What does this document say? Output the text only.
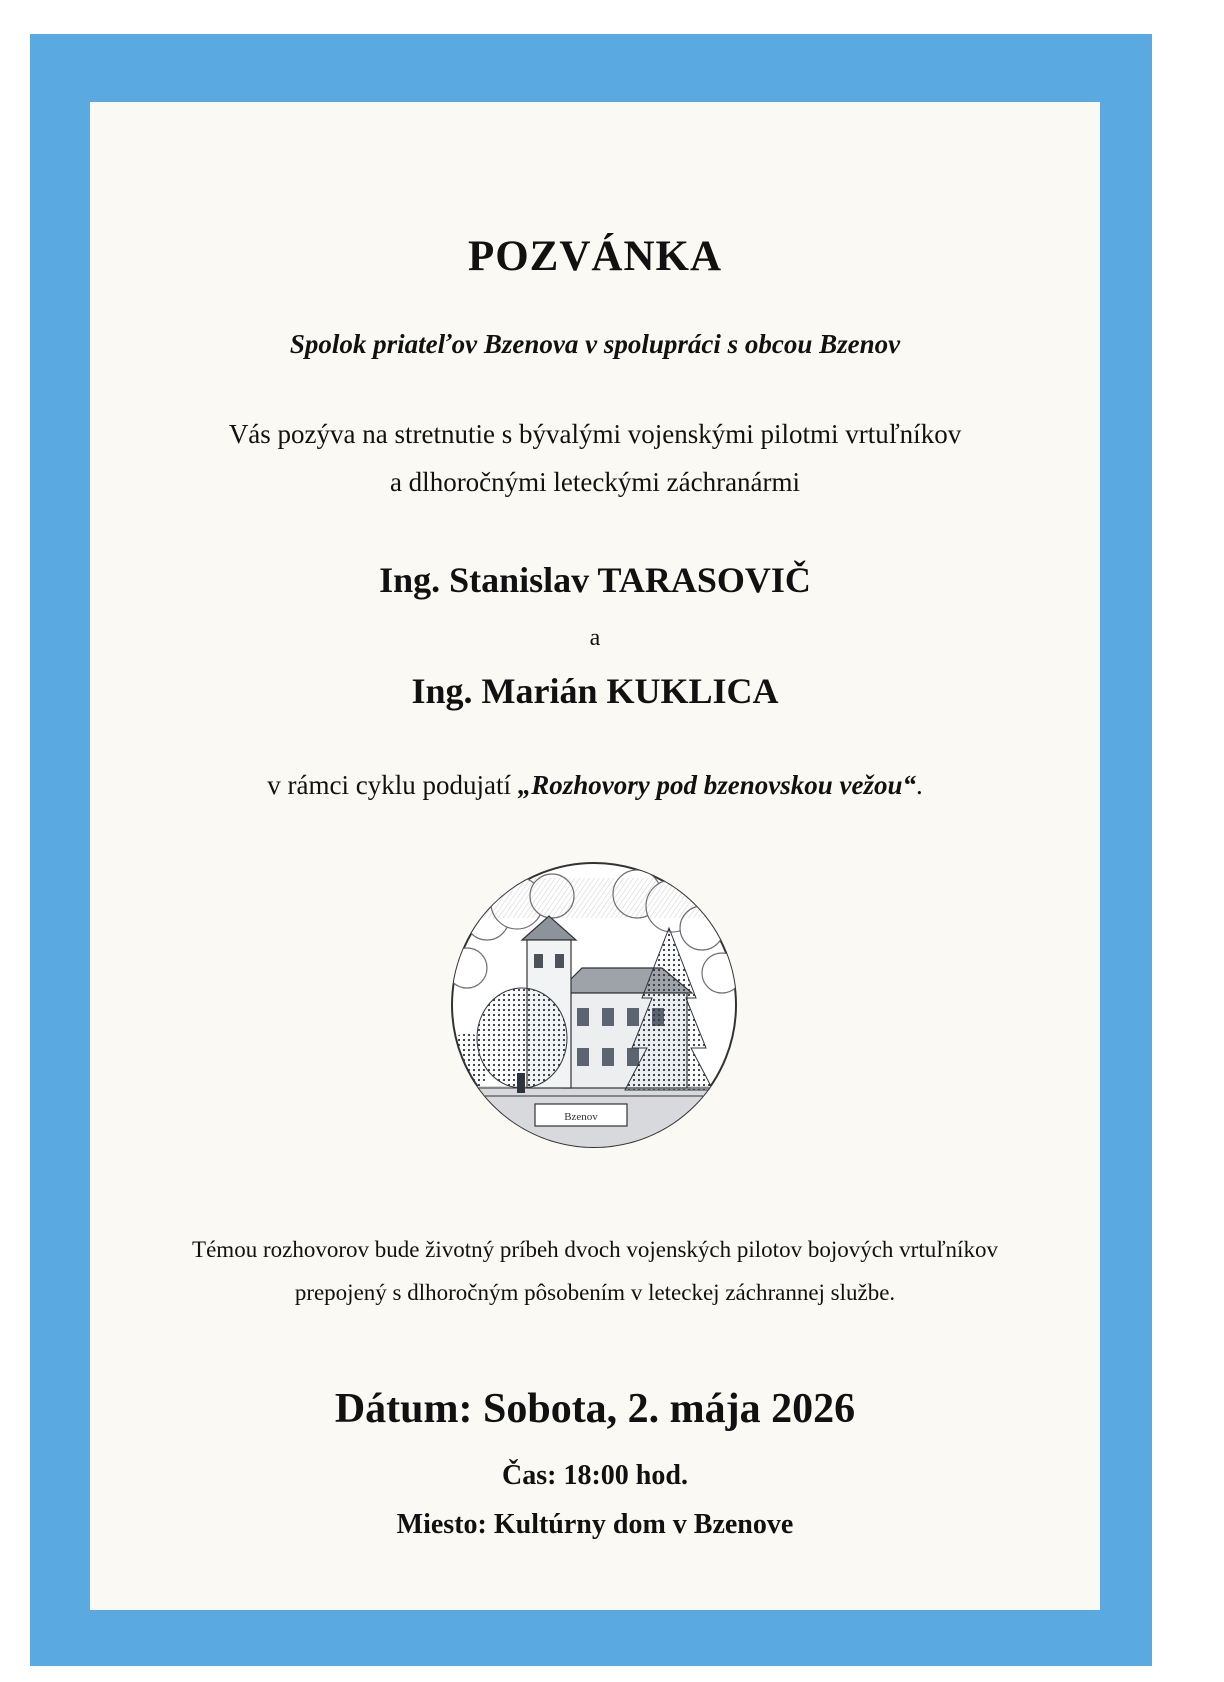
POZVÁNKA
Spolok priateľov Bzenova v spolupráci s obcou Bzenov
Vás pozýva na stretnutie s bývalými vojenskými pilotmi vrtuľníkov
a dlhoročnými leteckými záchranármi
Ing. Stanislav TARASOVIČ
a
Ing. Marián KUKLICA
v rámci cyklu podujatí „Rozhovory pod bzenovskou vežou“.
Bzenov
Témou rozhovorov bude životný príbeh dvoch vojenských pilotov bojových vrtuľníkov
prepojený s dlhoročným pôsobením v leteckej záchrannej službe.
Dátum: Sobota, 2. mája 2026
Čas: 18:00 hod.
Miesto: Kultúrny dom v Bzenove
